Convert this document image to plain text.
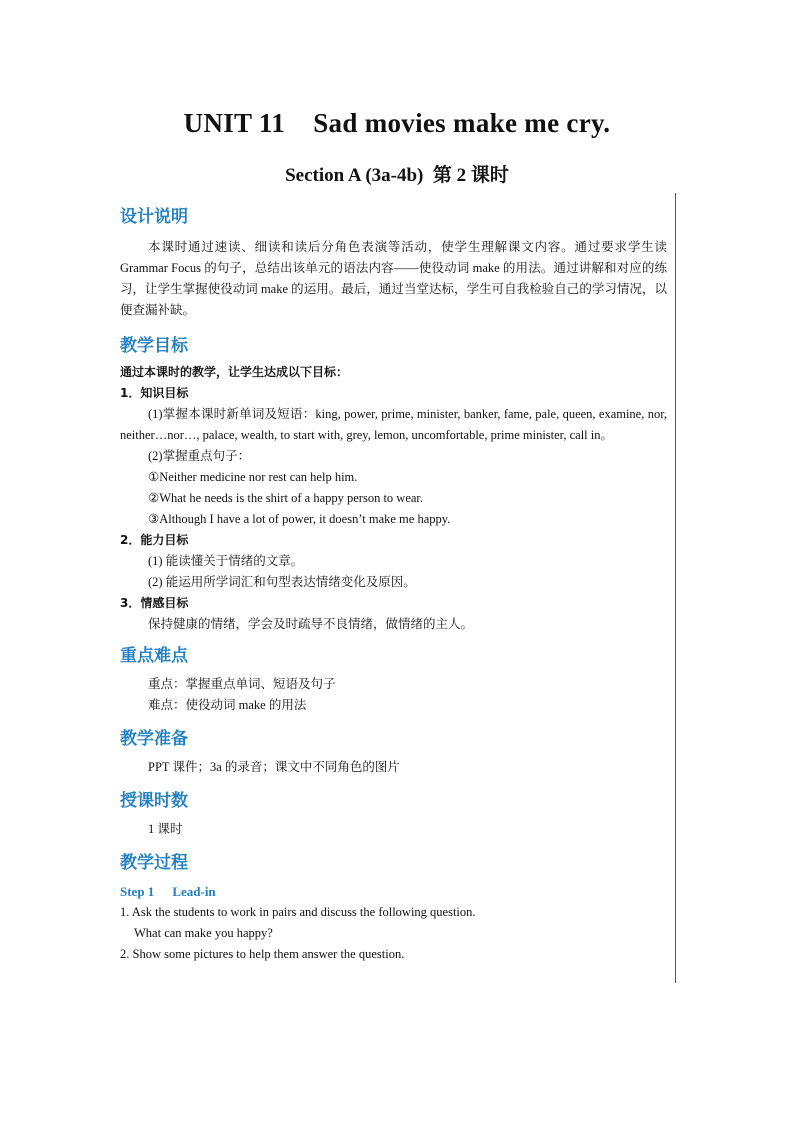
UNIT 11    Sad movies make me cry.
Section A (3a-4b)  第 2 课时

设计说明

本课时通过速读、细读和读后分角色表演等活动，使学生理解课文内容。通过要求学生读 Grammar Focus 的句子，总结出该单元的语法内容——使役动词 make 的用法。通过讲解和对应的练习，让学生掌握使役动词 make 的运用。最后，通过当堂达标，学生可自我检验自己的学习情况，以便查漏补缺。

教学目标

通过本课时的教学，让学生达成以下目标：

1．知识目标

(1)掌握本课时新单词及短语：king, power, prime, minister, banker, fame, pale, queen, examine, nor, neither…nor…, palace, wealth, to start with, grey, lemon, uncomfortable, prime minister, call in。

(2)掌握重点句子：

①Neither medicine nor rest can help him.

②What he needs is the shirt of a happy person to wear.

③Although I have a lot of power, it doesn’t make me happy.

2．能力目标

(1) 能读懂关于情绪的文章。

(2) 能运用所学词汇和句型表达情绪变化及原因。

3．情感目标

保持健康的情绪，学会及时疏导不良情绪，做情绪的主人。

重点难点

重点：掌握重点单词、短语及句子

难点：使役动词 make 的用法

教学准备

PPT 课件；3a 的录音；课文中不同角色的图片

授课时数

1 课时

教学过程

Step 1 Lead-in

1. Ask the students to work in pairs and discuss the following question.

What can make you happy?

2. Show some pictures to help them answer the question.
